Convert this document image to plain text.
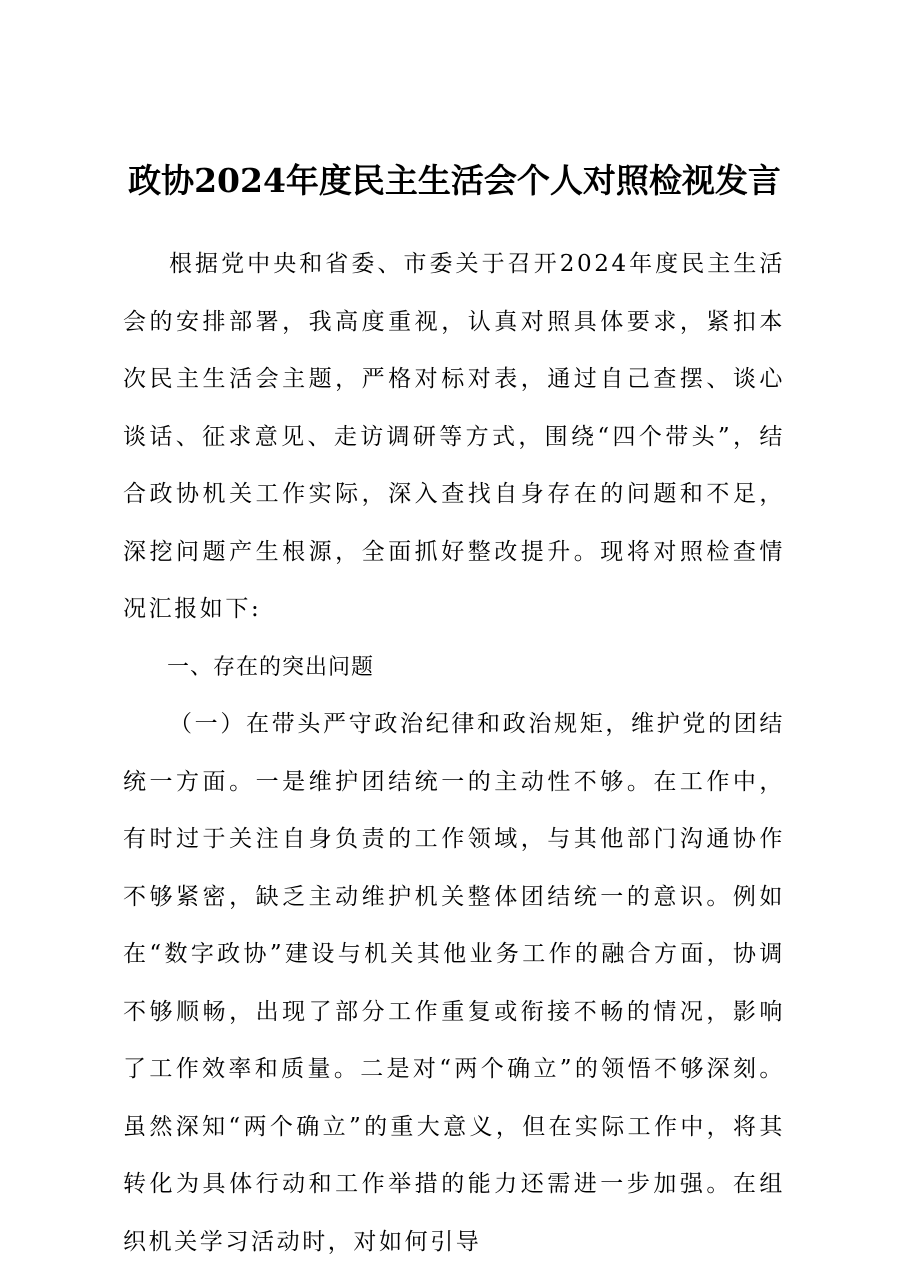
政协2024年度民主生活会个人对照检视发言

根据党中央和省委、市委关于召开2024年度民主生活会的安排部署，我高度重视，认真对照具体要求，紧扣本次民主生活会主题，严格对标对表，通过自己查摆、谈心谈话、征求意见、走访调研等方式，围绕“四个带头”，结合政协机关工作实际，深入查找自身存在的问题和不足，深挖问题产生根源，全面抓好整改提升。现将对照检查情况汇报如下:

一、存在的突出问题

（一）在带头严守政治纪律和政治规矩，维护党的团结统一方面。一是维护团结统一的主动性不够。在工作中，有时过于关注自身负责的工作领域，与其他部门沟通协作不够紧密，缺乏主动维护机关整体团结统一的意识。例如在“数字政协”建设与机关其他业务工作的融合方面，协调不够顺畅，出现了部分工作重复或衔接不畅的情况，影响了工作效率和质量。二是对“两个确立”的领悟不够深刻。虽然深知“两个确立”的重大意义，但在实际工作中，将其转化为具体行动和工作举措的能力还需进一步加强。在组织机关学习活动时，对如何引导
